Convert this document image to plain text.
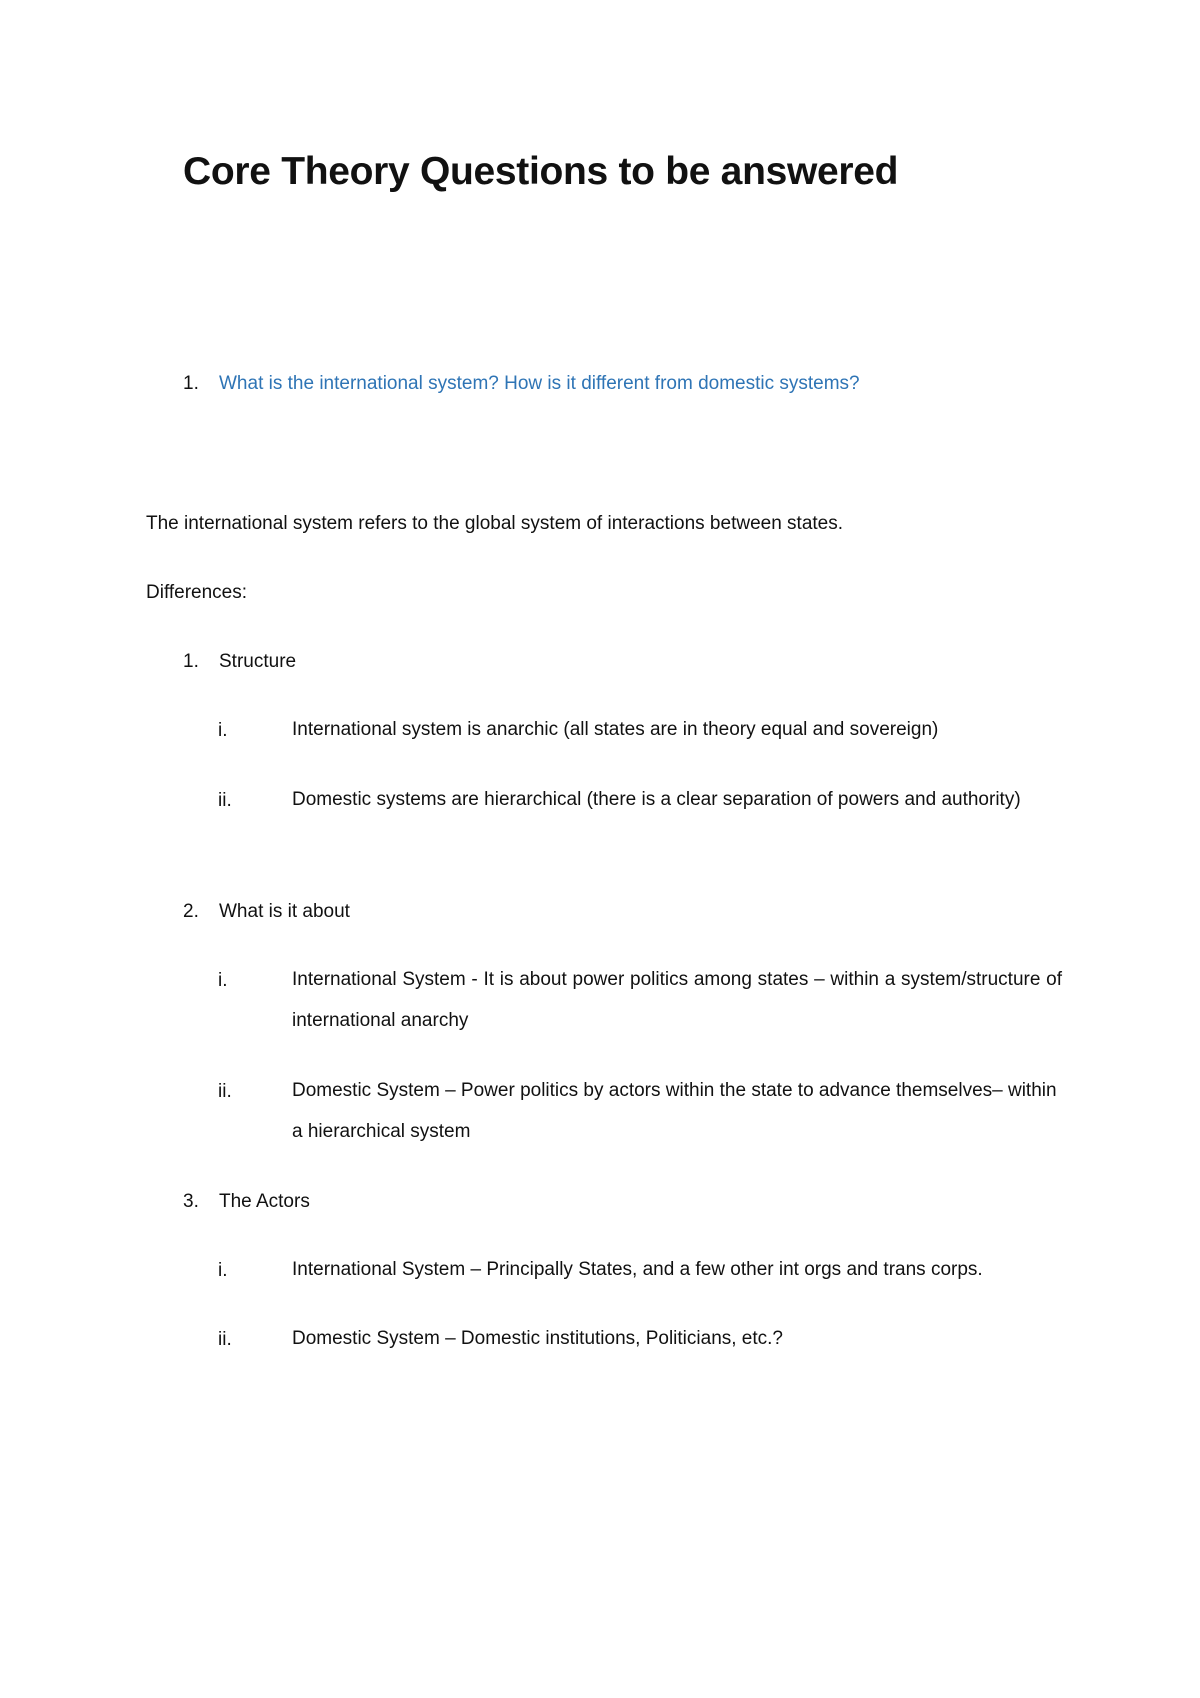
Core Theory Questions to be answered
1. What is the international system? How is it different from domestic systems?

The international system refers to the global system of interactions between states.

Differences:

1. Structure
i.	International system is anarchic (all states are in theory equal and sovereign)

ii.	Domestic systems are hierarchical (there is a clear separation of powers and authority)

2. What is it about
i.	International System - It is about power politics among states – within a system/structure of international anarchy

ii.	Domestic System – Power politics by actors within the state to advance themselves– within a hierarchical system

3. The Actors
i.	International System – Principally States, and a few other int orgs and trans corps.

ii.	Domestic System – Domestic institutions, Politicians, etc.?
